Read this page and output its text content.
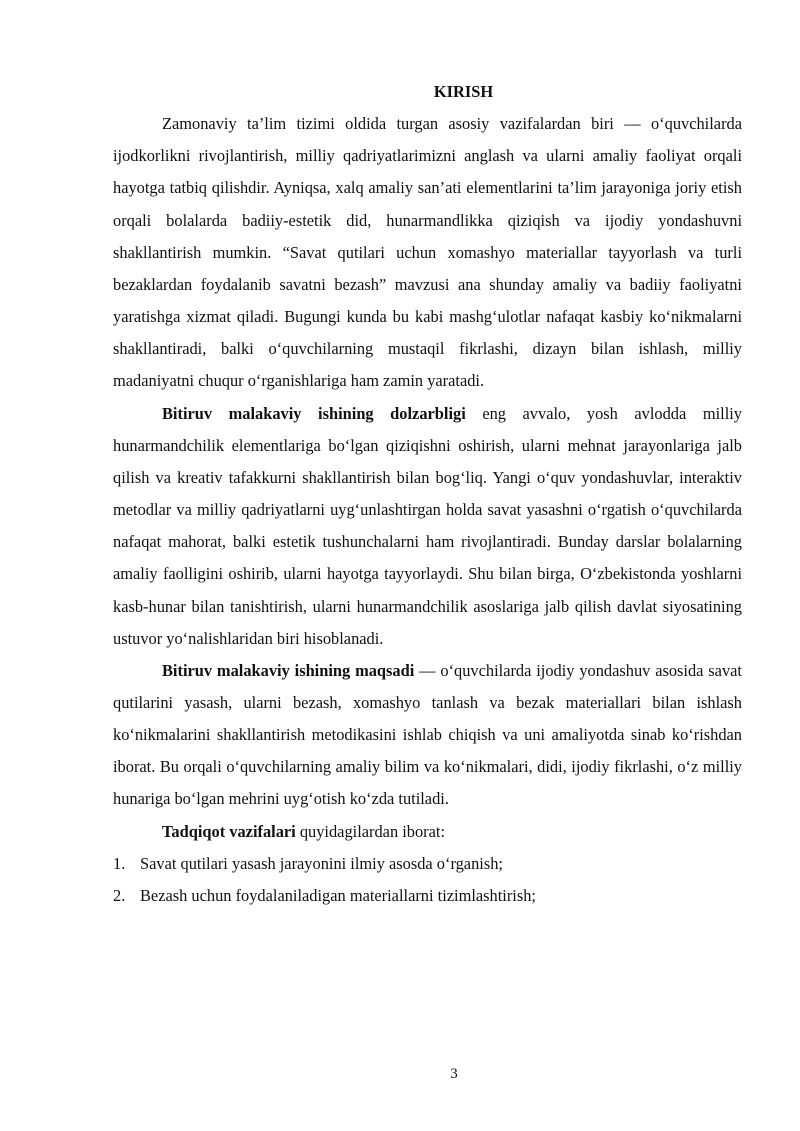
KIRISH

Zamonaviy ta’lim tizimi oldida turgan asosiy vazifalardan biri — o‘quvchilarda ijodkorlikni rivojlantirish, milliy qadriyatlarimizni anglash va ularni amaliy faoliyat orqali hayotga tatbiq qilishdir. Ayniqsa, xalq amaliy san’ati elementlarini ta’lim jarayoniga joriy etish orqali bolalarda badiiy-estetik did, hunarmandlikka qiziqish va ijodiy yondashuvni shakllantirish mumkin. “Savat qutilari uchun xomashyo materiallar tayyorlash va turli bezaklardan foydalanib savatni bezash” mavzusi ana shunday amaliy va badiiy faoliyatni yaratishga xizmat qiladi. Bugungi kunda bu kabi mashg‘ulotlar nafaqat kasbiy ko‘nikmalarni shakllantiradi, balki o‘quvchilarning mustaqil fikrlashi, dizayn bilan ishlash, milliy madaniyatni chuqur o‘rganishlariga ham zamin yaratadi.

Bitiruv malakaviy ishining dolzarbligi eng avvalo, yosh avlodda milliy hunarmandchilik elementlariga bo‘lgan qiziqishni oshirish, ularni mehnat jarayonlariga jalb qilish va kreativ tafakkurni shakllantirish bilan bog‘liq. Yangi o‘quv yondashuvlar, interaktiv metodlar va milliy qadriyatlarni uyg‘unlashtirgan holda savat yasashni o‘rgatish o‘quvchilarda nafaqat mahorat, balki estetik tushunchalarni ham rivojlantiradi. Bunday darslar bolalarning amaliy faolligini oshirib, ularni hayotga tayyorlaydi. Shu bilan birga, O‘zbekistonda yoshlarni kasb-hunar bilan tanishtirish, ularni hunarmandchilik asoslariga jalb qilish davlat siyosatining ustuvor yo‘nalishlaridan biri hisoblanadi.

Bitiruv malakaviy ishining maqsadi — o‘quvchilarda ijodiy yondashuv asosida savat qutilarini yasash, ularni bezash, xomashyo tanlash va bezak materiallari bilan ishlash ko‘nikmalarini shakllantirish metodikasini ishlab chiqish va uni amaliyotda sinab ko‘rishdan iborat. Bu orqali o‘quvchilarning amaliy bilim va ko‘nikmalari, didi, ijodiy fikrlashi, o‘z milliy hunariga bo‘lgan mehrini uyg‘otish ko‘zda tutiladi.

Tadqiqot vazifalari quyidagilardan iborat:

1. Savat qutilari yasash jarayonini ilmiy asosda o‘rganish;
2. Bezash uchun foydalaniladigan materiallarni tizimlashtirish;
3
